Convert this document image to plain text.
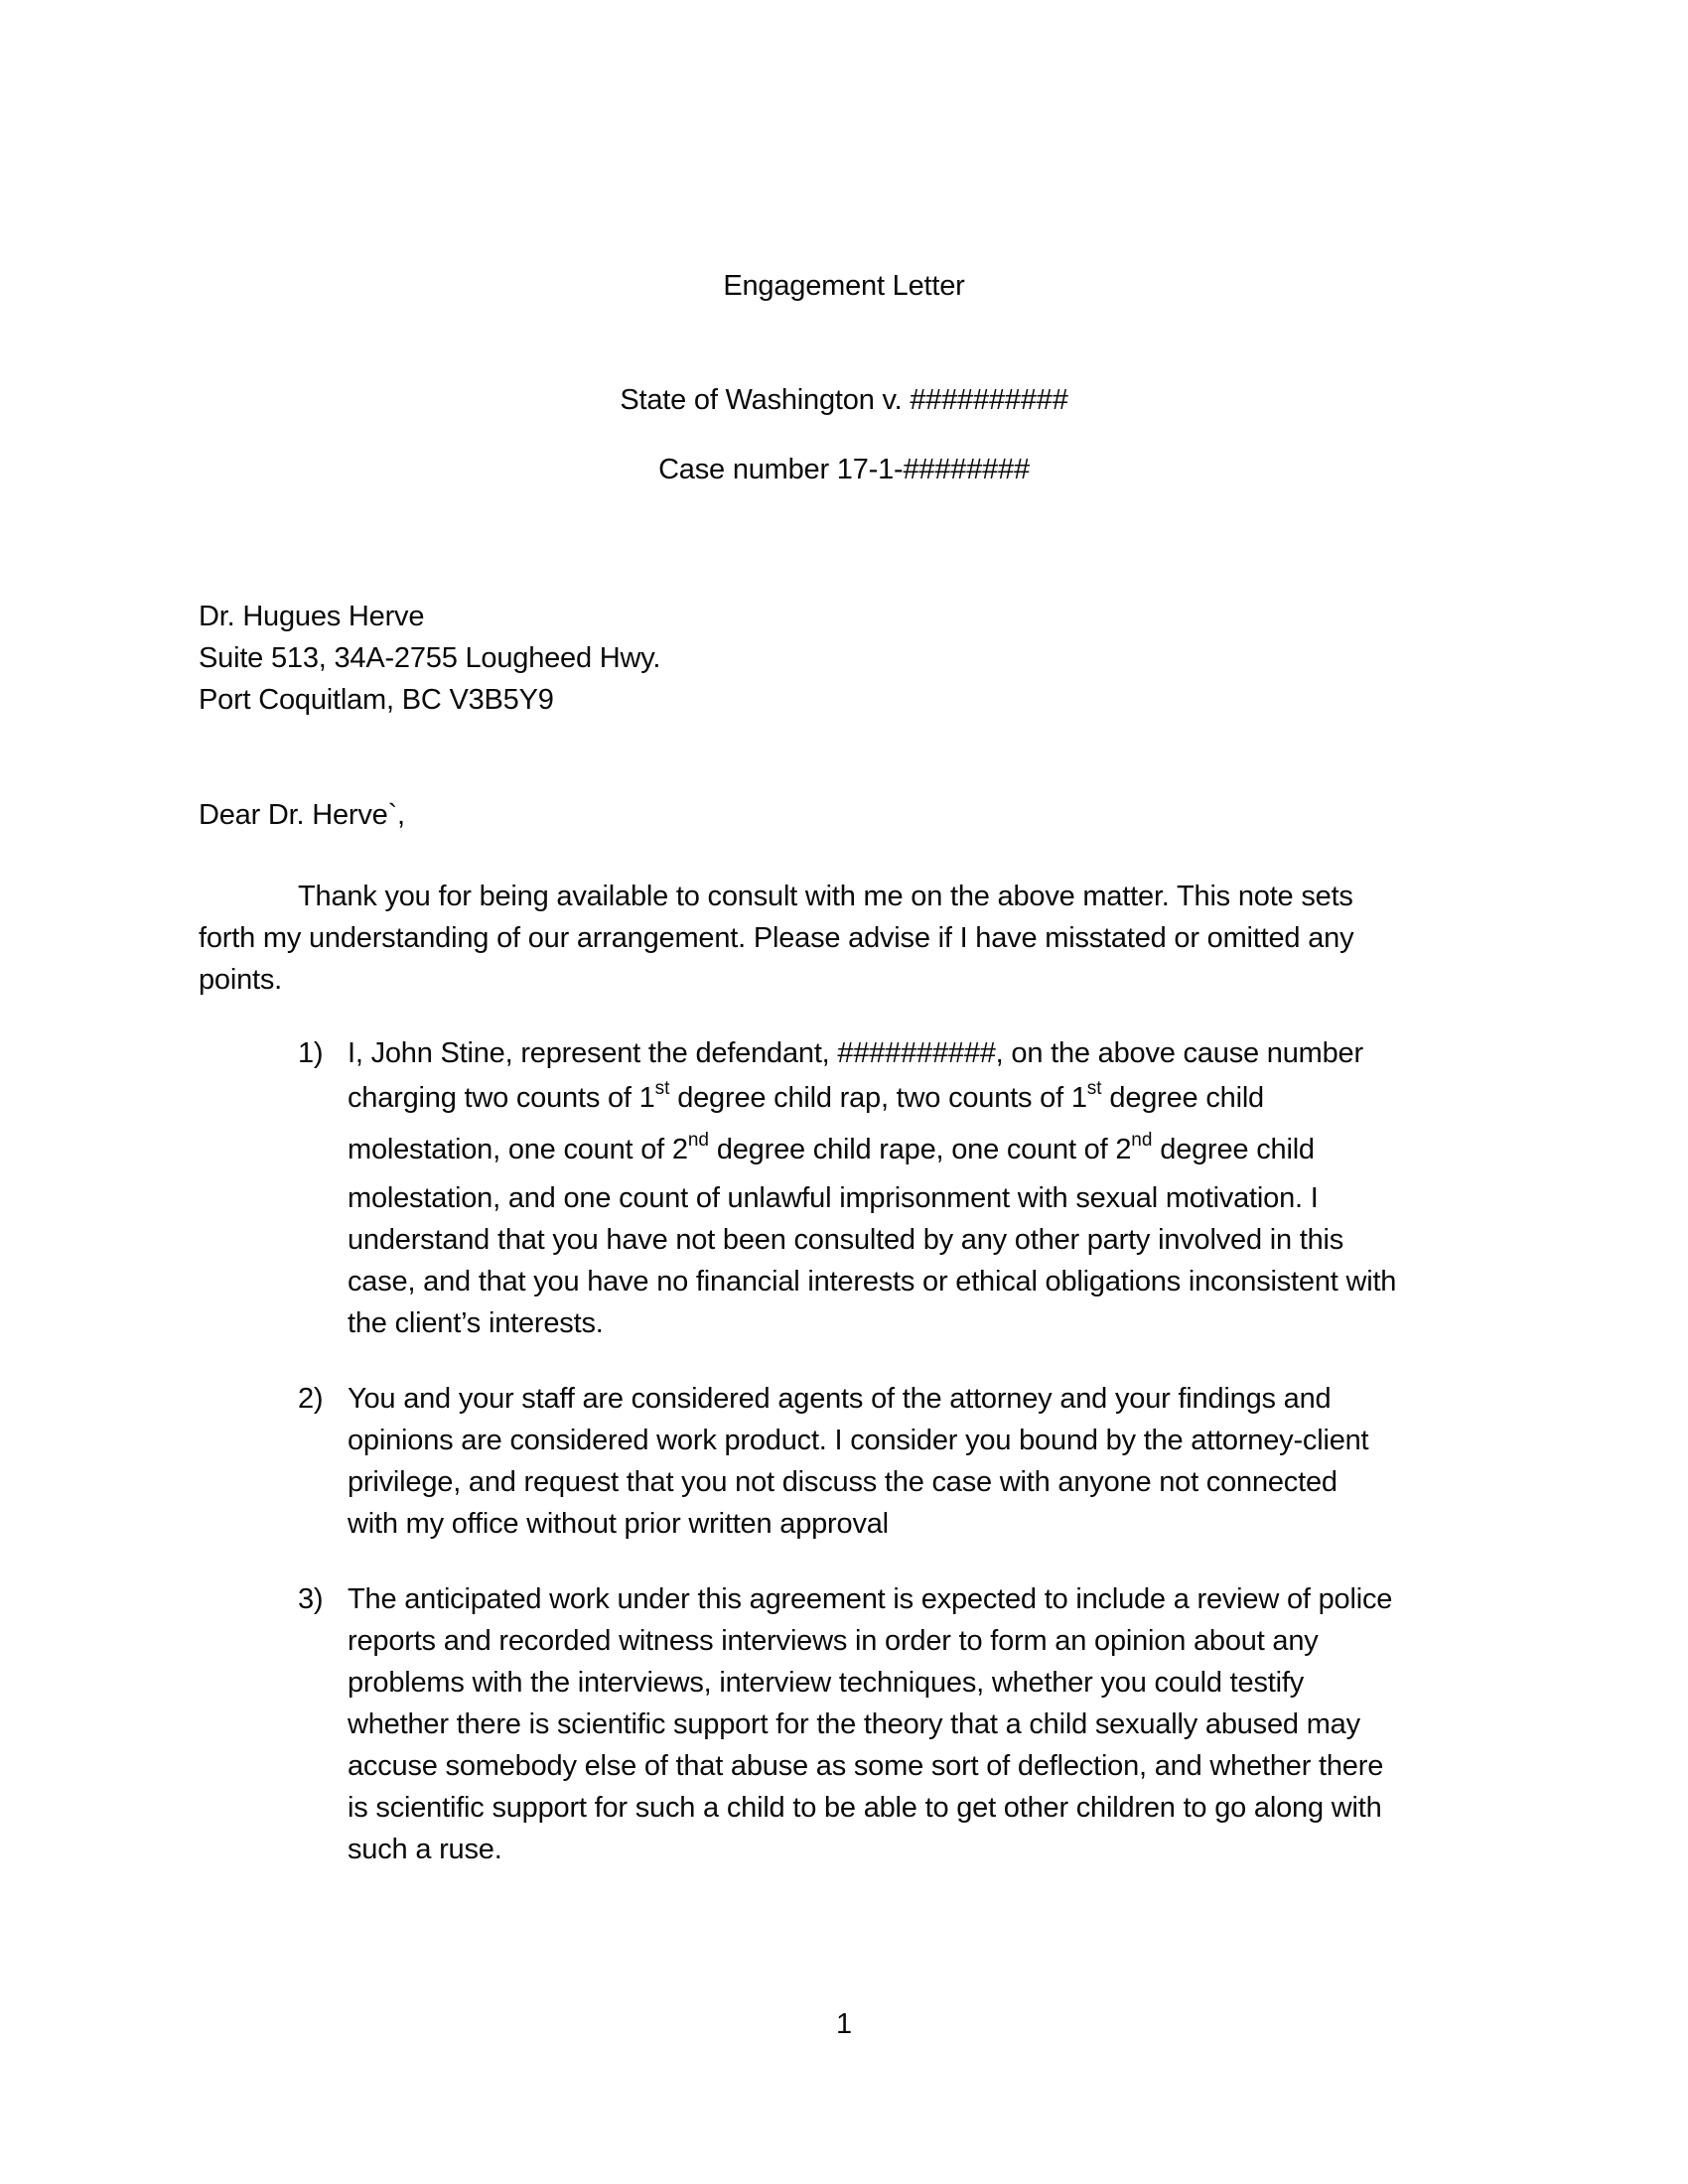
Engagement Letter
State of Washington v. ##########
Case number 17-1-########
Dr. Hugues Herve
Suite 513, 34A-2755 Lougheed Hwy.
Port Coquitlam, BC V3B5Y9
Dear Dr. Herve`,
Thank you for being available to consult with me on the above matter. This note sets
forth my understanding of our arrangement. Please advise if I have misstated or omitted any
points.
1) I, John Stine, represent the defendant, ##########, on the above cause number
charging two counts of 1st degree child rap, two counts of 1st degree child
molestation, one count of 2nd degree child rape, one count of 2nd degree child
molestation, and one count of unlawful imprisonment with sexual motivation. I
understand that you have not been consulted by any other party involved in this
case, and that you have no financial interests or ethical obligations inconsistent with
the client’s interests.
2) You and your staff are considered agents of the attorney and your findings and
opinions are considered work product. I consider you bound by the attorney-client
privilege, and request that you not discuss the case with anyone not connected
with my office without prior written approval
3) The anticipated work under this agreement is expected to include a review of police
reports and recorded witness interviews in order to form an opinion about any
problems with the interviews, interview techniques, whether you could testify
whether there is scientific support for the theory that a child sexually abused may
accuse somebody else of that abuse as some sort of deflection, and whether there
is scientific support for such a child to be able to get other children to go along with
such a ruse.
1
